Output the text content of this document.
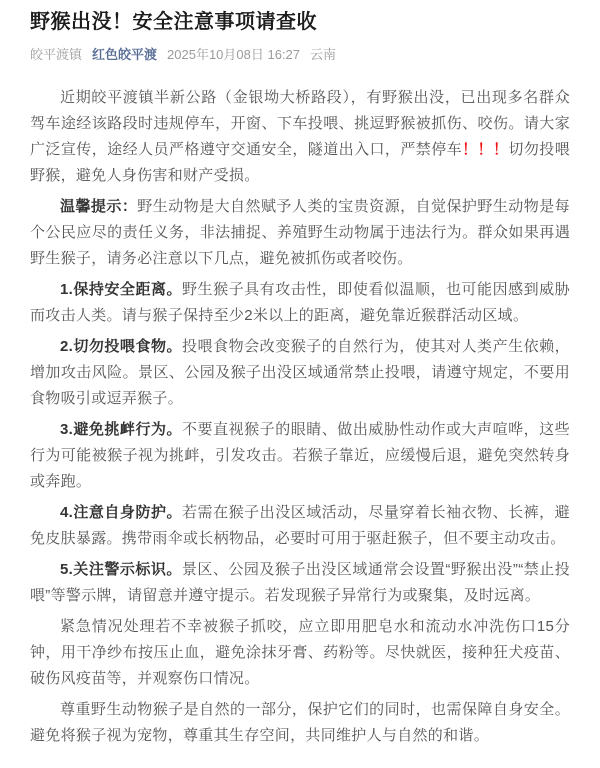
野猴出没！安全注意事项请查收
皎平渡镇 红色皎平渡 2025年10月08日 16:27 云南

近期皎平渡镇半新公路（金银坳大桥路段），有野猴出没，已出现多名群众驾车途经该路段时违规停车，开窗、下车投喂、挑逗野猴被抓伤、咬伤。请大家广泛宣传，途经人员严格遵守交通安全，隧道出入口，严禁停车！！！切勿投喂野猴，避免人身伤害和财产受损。

温馨提示：野生动物是大自然赋予人类的宝贵资源，自觉保护野生动物是每个公民应尽的责任义务，非法捕捉、养殖野生动物属于违法行为。群众如果再遇野生猴子，请务必注意以下几点，避免被抓伤或者咬伤。

1.保持安全距离。野生猴子具有攻击性，即使看似温顺，也可能因感到威胁而攻击人类。请与猴子保持至少2米以上的距离，避免靠近猴群活动区域。

2.切勿投喂食物。投喂食物会改变猴子的自然行为，使其对人类产生依赖，增加攻击风险。景区、公园及猴子出没区域通常禁止投喂，请遵守规定，不要用食物吸引或逗弄猴子。

3.避免挑衅行为。不要直视猴子的眼睛、做出威胁性动作或大声喧哗，这些行为可能被猴子视为挑衅，引发攻击。若猴子靠近，应缓慢后退，避免突然转身或奔跑。

4.注意自身防护。若需在猴子出没区域活动，尽量穿着长袖衣物、长裤，避免皮肤暴露。携带雨伞或长柄物品，必要时可用于驱赶猴子，但不要主动攻击。

5.关注警示标识。景区、公园及猴子出没区域通常会设置“野猴出没”“禁止投喂”等警示牌，请留意并遵守提示。若发现猴子异常行为或聚集，及时远离。

紧急情况处理若不幸被猴子抓咬，应立即用肥皂水和流动水冲洗伤口15分钟，用干净纱布按压止血，避免涂抹牙膏、药粉等。尽快就医，接种狂犬疫苗、破伤风疫苗等，并观察伤口情况。

尊重野生动物猴子是自然的一部分，保护它们的同时，也需保障自身安全。避免将猴子视为宠物，尊重其生存空间，共同维护人与自然的和谐。
